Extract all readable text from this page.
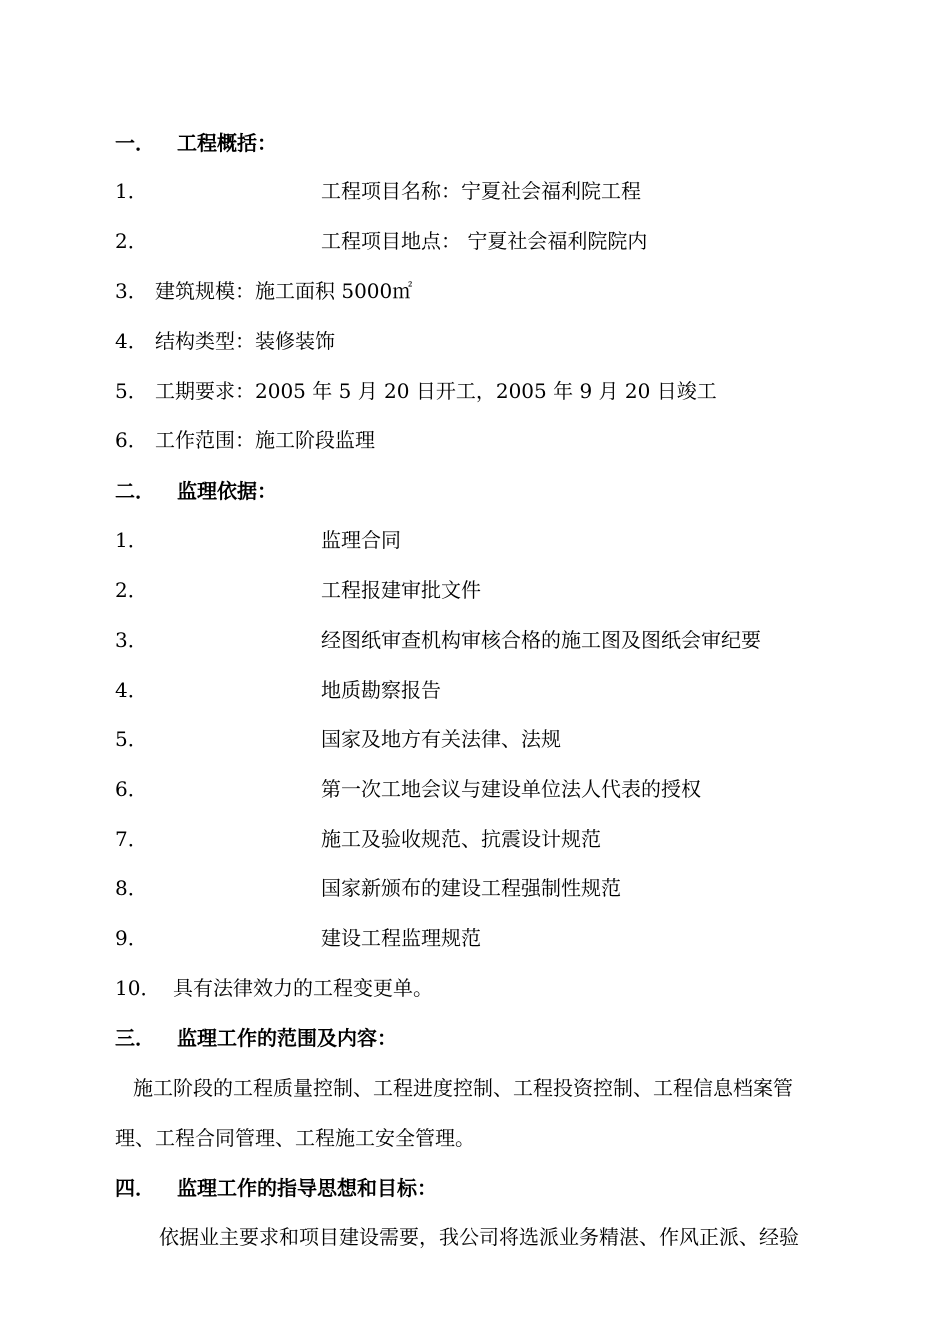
一． 工程概括：
1．	工程项目名称：宁夏社会福利院工程
2．	工程项目地点： 宁夏社会福利院院内
3． 建筑规模：施工面积 5000㎡
4． 结构类型：装修装饰
5． 工期要求：2005 年 5 月 20 日开工，2005 年 9 月 20 日竣工
6． 工作范围：施工阶段监理
二． 监理依据：
1．	监理合同
2．	工程报建审批文件
3．	经图纸审查机构审核合格的施工图及图纸会审纪要
4．	地质勘察报告
5．	国家及地方有关法律、法规
6．	第一次工地会议与建设单位法人代表的授权
7．	施工及验收规范、抗震设计规范
8．	国家新颁布的建设工程强制性规范
9．	建设工程监理规范
10． 具有法律效力的工程变更单。
三． 监理工作的范围及内容：
施工阶段的工程质量控制、工程进度控制、工程投资控制、工程信息档案管
理、工程合同管理、工程施工安全管理。
四． 监理工作的指导思想和目标：
依据业主要求和项目建设需要，我公司将选派业务精湛、作风正派、经验
